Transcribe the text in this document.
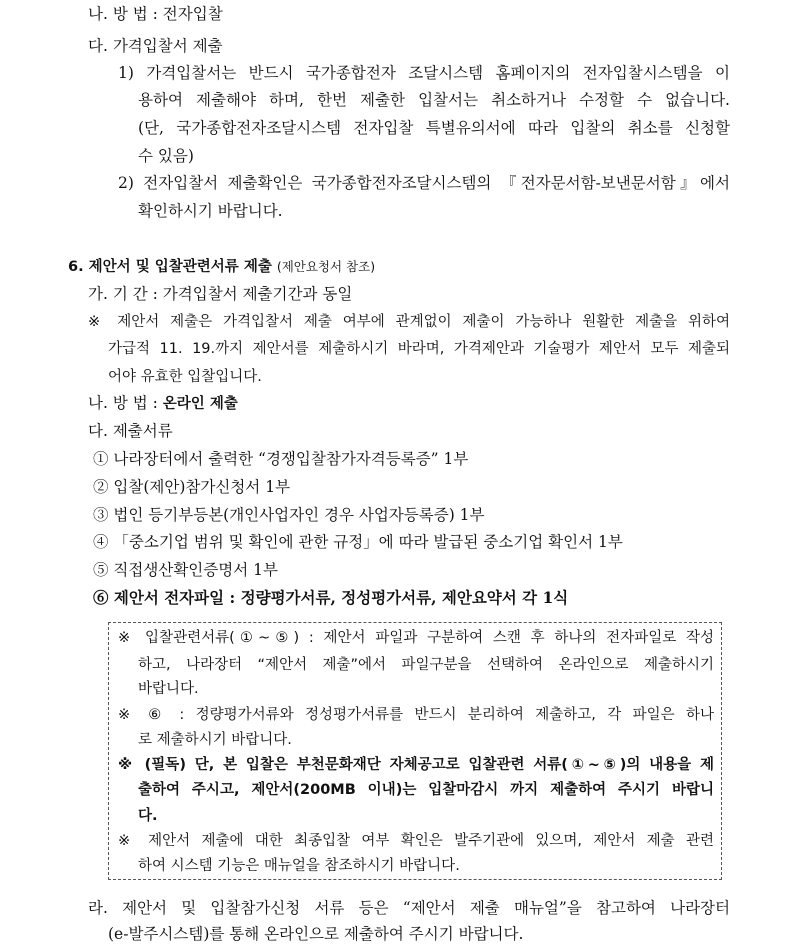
나. 방 법 : 전자입찰
다. 가격입찰서 제출
1) 가격입찰서는 반드시 국가종합전자 조달시스템 홈페이지의 전자입찰시스템을 이
용하여 제출해야 하며, 한번 제출한 입찰서는 취소하거나 수정할 수 없습니다.
(단, 국가종합전자조달시스템 전자입찰 특별유의서에 따라 입찰의 취소를 신청할
수 있음)
2) 전자입찰서 제출확인은 국가종합전자조달시스템의 『전자문서함-보낸문서함』에서
확인하시기 바랍니다.
6. 제안서 및 입찰관련서류 제출 (제안요청서 참조)
가. 기 간 : 가격입찰서 제출기간과 동일
※ 제안서 제출은 가격입찰서 제출 여부에 관계없이 제출이 가능하나 원활한 제출을 위하여
가급적 11. 19.까지 제안서를 제출하시기 바라며, 가격제안과 기술평가 제안서 모두 제출되
어야 유효한 입찰입니다.
나. 방 법 : 온라인 제출
다. 제출서류
① 나라장터에서 출력한 “경쟁입찰참가자격등록증” 1부
② 입찰(제안)참가신청서 1부
③ 법인 등기부등본(개인사업자인 경우 사업자등록증) 1부
④ 「중소기업 범위 및 확인에 관한 규정」에 따라 발급된 중소기업 확인서 1부
⑤ 직접생산확인증명서 1부
⑥ 제안서 전자파일 : 정량평가서류, 정성평가서류, 제안요약서 각 1식
※ 입찰관련서류(①~⑤) : 제안서 파일과 구분하여 스캔 후 하나의 전자파일로 작성
하고, 나라장터 “제안서 제출”에서 파일구분을 선택하여 온라인으로 제출하시기
바랍니다.
※ ⑥ : 정량평가서류와 정성평가서류를 반드시 분리하여 제출하고, 각 파일은 하나
로 제출하시기 바랍니다.
※ (필독) 단, 본 입찰은 부천문화재단 자체공고로 입찰관련 서류(①~⑤)의 내용을 제
출하여 주시고, 제안서(200MB 이내)는 입찰마감시 까지 제출하여 주시기 바랍니
다.
※ 제안서 제출에 대한 최종입찰 여부 확인은 발주기관에 있으며, 제안서 제출 관련
하여 시스템 기능은 매뉴얼을 참조하시기 바랍니다.
라. 제안서 및 입찰참가신청 서류 등은 “제안서 제출 매뉴얼”을 참고하여 나라장터
(e-발주시스템)를 통해 온라인으로 제출하여 주시기 바랍니다.
